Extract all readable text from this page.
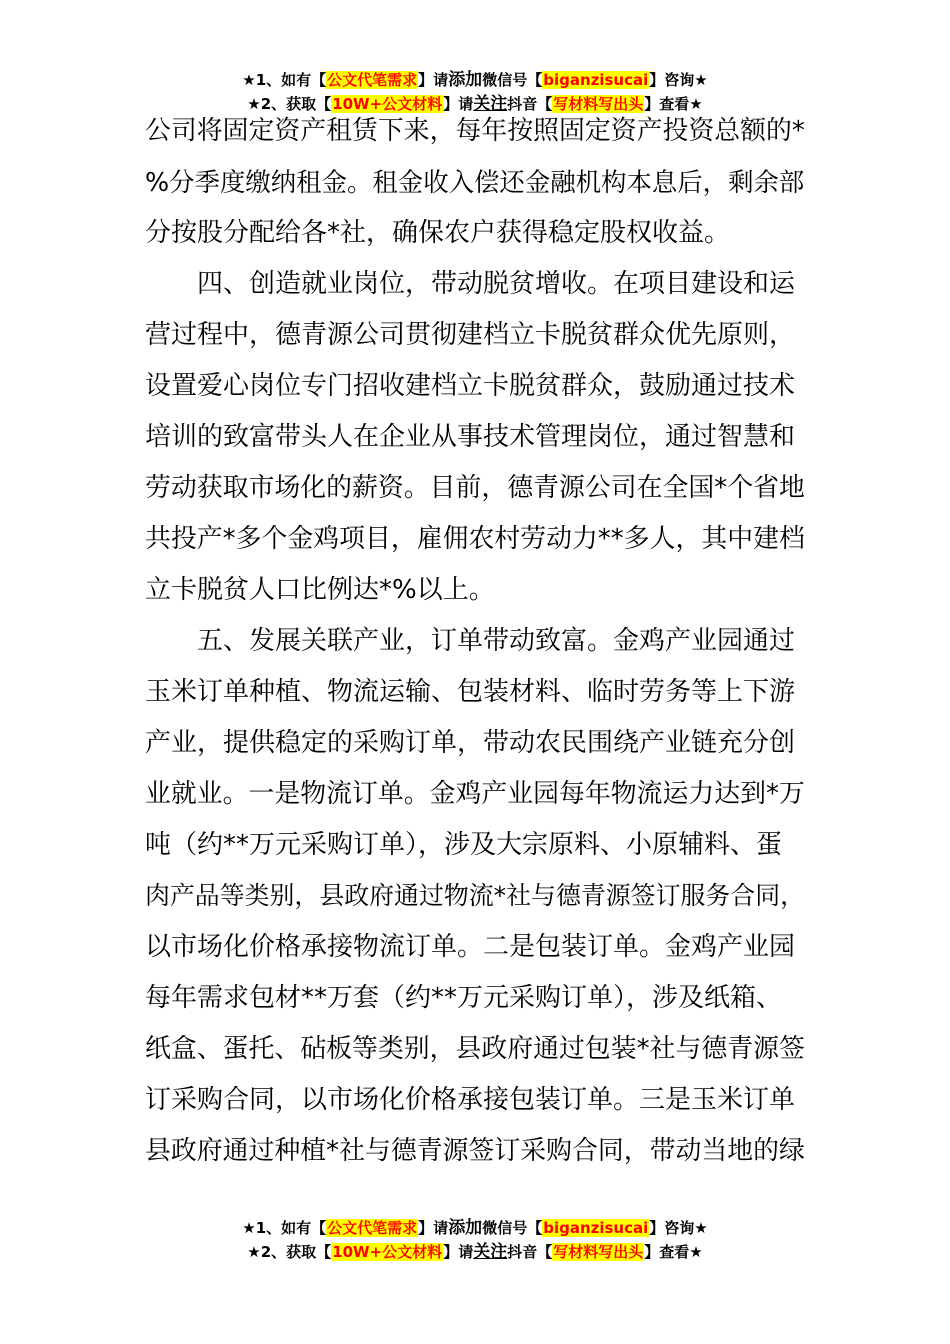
★1、如有【公文代笔需求】请添加微信号【biganzisucai】咨询★
★2、获取【10W+公文材料】请关注抖音【写材料写出头】查看★
公司将固定资产租赁下来，每年按照固定资产投资总额的*
%分季度缴纳租金。租金收入偿还金融机构本息后，剩余部
分按股分配给各*社，确保农户获得稳定股权收益。
　　四、创造就业岗位，带动脱贫增收。在项目建设和运
营过程中，德青源公司贯彻建档立卡脱贫群众优先原则，
设置爱心岗位专门招收建档立卡脱贫群众，鼓励通过技术
培训的致富带头人在企业从事技术管理岗位，通过智慧和
劳动获取市场化的薪资。目前，德青源公司在全国*个省地
共投产*多个金鸡项目，雇佣农村劳动力**多人，其中建档
立卡脱贫人口比例达*%以上。
　　五、发展关联产业，订单带动致富。金鸡产业园通过
玉米订单种植、物流运输、包装材料、临时劳务等上下游
产业，提供稳定的采购订单，带动农民围绕产业链充分创
业就业。一是物流订单。金鸡产业园每年物流运力达到*万
吨（约**万元采购订单），涉及大宗原料、小原辅料、蛋
肉产品等类别，县政府通过物流*社与德青源签订服务合同，
以市场化价格承接物流订单。二是包装订单。金鸡产业园
每年需求包材**万套（约**万元采购订单），涉及纸箱、
纸盒、蛋托、砧板等类别，县政府通过包装*社与德青源签
订采购合同，以市场化价格承接包装订单。三是玉米订单
县政府通过种植*社与德青源签订采购合同，带动当地的绿
★1、如有【公文代笔需求】请添加微信号【biganzisucai】咨询★
★2、获取【10W+公文材料】请关注抖音【写材料写出头】查看★
